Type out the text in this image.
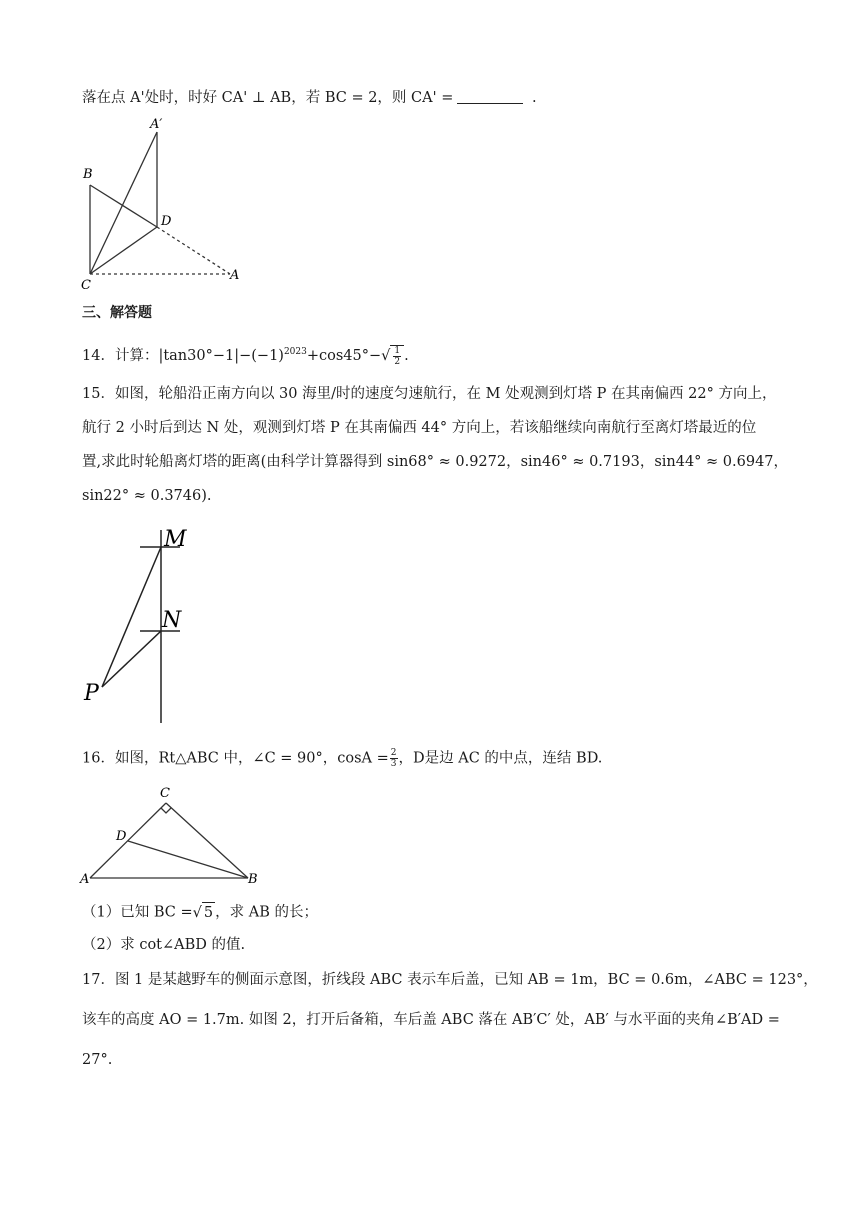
落在点 A'处时，时好 CA' ⊥ AB，若 BC = 2，则 CA' =	.
A′
B
D
C
A
三、解答题
14．计算：$|\tan 30^\circ-1|-(-1)^{2023}+\cos 45^\circ-√ \frac{1}{2}$ .
15．如图，轮船沿正南方向以 30 海里/时的速度匀速航行，在 M 处观测到灯塔 P 在其南偏西 22° 方向上，
航行 2 小时后到达 N 处，观测到灯塔 P 在其南偏西 44° 方向上，若该船继续向南航行至离灯塔最近的位
置,求此时轮船离灯塔的距离(由科学计算器得到 sin68° ≈ 0.9272，sin46° ≈ 0.7193，sin44° ≈ 0.6947，
sin22° ≈ 0.3746).
M
N
P
16．如图，Rt△ABC 中，∠C = 90°，$\cos A = \frac{2}{3}$ ，D是边 AC 的中点，连结 BD.
C
D
A	B
（1）已知 BC =√ 5 ，求 AB 的长；
（2）求 cot∠ABD 的值.
17．图 1 是某越野车的侧面示意图，折线段 ABC 表示车后盖，已知 AB = 1m，BC = 0.6m，∠ABC = 123°，
该车的高度 AO = 1.7m. 如图 2，打开后备箱，车后盖 ABC 落在 AB′C′ 处，AB′ 与水平面的夹角∠B′AD =
27°.
